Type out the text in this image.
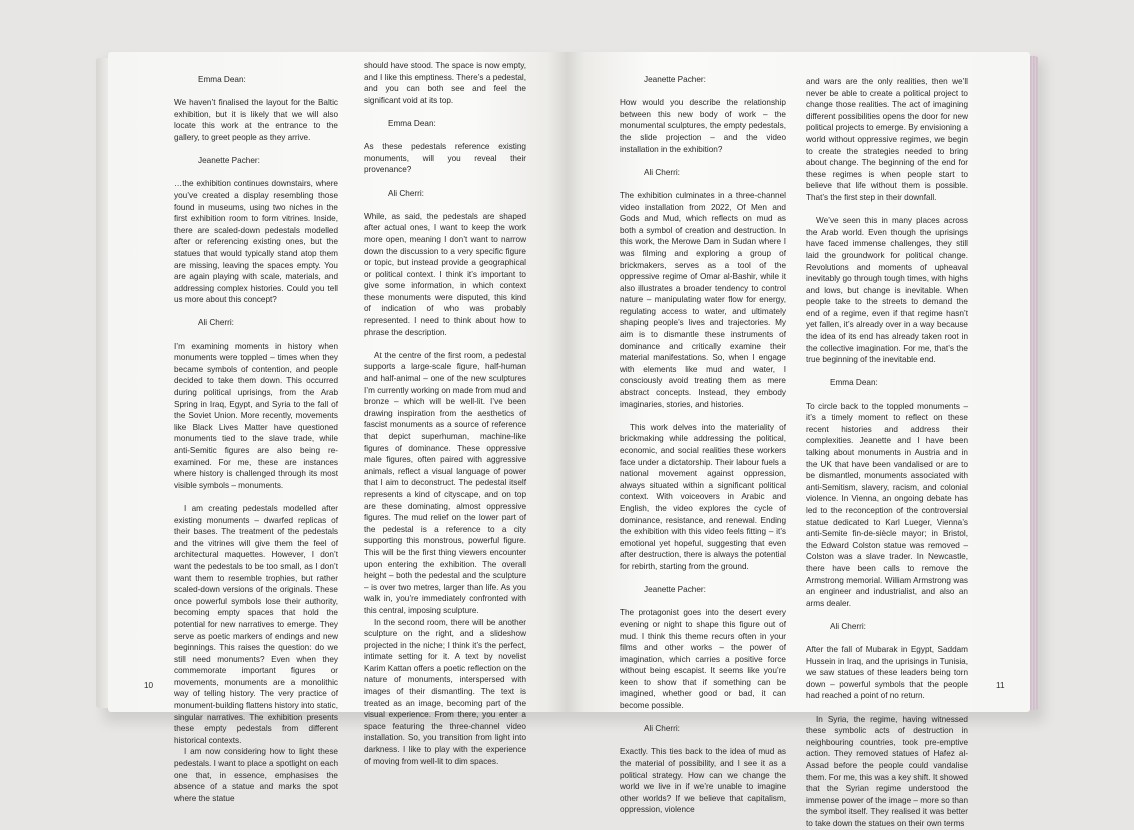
Emma Dean:

We haven’t finalised the layout for the Baltic exhibition, but it is likely that we will also locate this work at the entrance to the gallery, to greet people as they arrive.

Jeanette Pacher:

…the exhibition continues downstairs, where you’ve created a display resembling those found in museums, using two niches in the first exhibition room to form vitrines. Inside, there are scaled-down pedestals modelled after or referencing existing ones, but the statues that would typically stand atop them are missing, leaving the spaces empty. You are again playing with scale, materials, and addressing complex histories. Could you tell us more about this concept?

Ali Cherri:

I’m examining moments in history when monuments were toppled – times when they became symbols of contention, and people decided to take them down. This occurred during political uprisings, from the Arab Spring in Iraq, Egypt, and Syria to the fall of the Soviet Union. More recently, movements like Black Lives Matter have questioned monuments tied to the slave trade, while anti-Semitic figures are also being re-examined. For me, these are instances where history is challenged through its most visible symbols – monuments.

I am creating pedestals modelled after existing monuments – dwarfed replicas of their bases. The treatment of the pedestals and the vitrines will give them the feel of architectural maquettes. However, I don’t want the pedestals to be too small, as I don’t want them to resemble trophies, but rather scaled-down versions of the originals. These once powerful symbols lose their authority, becoming empty spaces that hold the potential for new narratives to emerge. They serve as poetic markers of endings and new beginnings. This raises the question: do we still need monuments? Even when they commemorate important figures or movements, monuments are a monolithic way of telling history. The very practice of monument-building flattens history into static, singular narratives. The exhibition presents these empty pedestals from different historical contexts.

I am now considering how to light these pedestals. I want to place a spotlight on each one that, in essence, emphasises the absence of a statue and marks the spot where the statue

should have stood. The space is now empty, and I like this emptiness. There’s a pedestal, and you can both see and feel the significant void at its top.

Emma Dean:

As these pedestals reference existing monuments, will you reveal their provenance?

Ali Cherri:

While, as said, the pedestals are shaped after actual ones, I want to keep the work more open, meaning I don’t want to narrow down the discussion to a very specific figure or topic, but instead provide a geographical or political context. I think it’s important to give some information, in which context these monuments were disputed, this kind of indication of who was probably represented. I need to think about how to phrase the description.

At the centre of the first room, a pedestal supports a large-scale figure, half-human and half-animal – one of the new sculptures I’m currently working on made from mud and bronze – which will be well-lit. I’ve been drawing inspiration from the aesthetics of fascist monuments as a source of reference that depict superhuman, machine-like figures of dominance. These oppressive male figures, often paired with aggressive animals, reflect a visual language of power that I aim to deconstruct. The pedestal itself represents a kind of cityscape, and on top are these dominating, almost oppressive figures. The mud relief on the lower part of the pedestal is a reference to a city supporting this monstrous, powerful figure. This will be the first thing viewers encounter upon entering the exhibition. The overall height – both the pedestal and the sculpture – is over two metres, larger than life. As you walk in, you’re immediately confronted with this central, imposing sculpture.

In the second room, there will be another sculpture on the right, and a slideshow projected in the niche; I think it’s the perfect, intimate setting for it. A text by novelist Karim Kattan offers a poetic reflection on the nature of monuments, interspersed with images of their dismantling. The text is treated as an image, becoming part of the visual experience. From there, you enter a space featuring the three-channel video installation. So, you transition from light into darkness. I like to play with the experience of moving from well-lit to dim spaces.

10

Jeanette Pacher:

How would you describe the relationship between this new body of work – the monumental sculptures, the empty pedestals, the slide projection – and the video installation in the exhibition?

Ali Cherri:

The exhibition culminates in a three-channel video installation from 2022, Of Men and Gods and Mud, which reflects on mud as both a symbol of creation and destruction. In this work, the Merowe Dam in Sudan where I was filming and exploring a group of brickmakers, serves as a tool of the oppressive regime of Omar al-Bashir, while it also illustrates a broader tendency to control nature – manipulating water flow for energy, regulating access to water, and ultimately shaping people’s lives and trajectories. My aim is to dismantle these instruments of dominance and critically examine their material manifestations. So, when I engage with elements like mud and water, I consciously avoid treating them as mere abstract concepts. Instead, they embody imaginaries, stories, and histories.

This work delves into the materiality of brickmaking while addressing the political, economic, and social realities these workers face under a dictatorship. Their labour fuels a national movement against oppression, always situated within a significant political context. With voiceovers in Arabic and English, the video explores the cycle of dominance, resistance, and renewal. Ending the exhibition with this video feels fitting – it’s emotional yet hopeful, suggesting that even after destruction, there is always the potential for rebirth, starting from the ground.

Jeanette Pacher:

The protagonist goes into the desert every evening or night to shape this figure out of mud. I think this theme recurs often in your films and other works – the power of imagination, which carries a positive force without being escapist. It seems like you’re keen to show that if something can be imagined, whether good or bad, it can become possible.

Ali Cherri:

Exactly. This ties back to the idea of mud as the material of possibility, and I see it as a political strategy. How can we change the world we live in if we’re unable to imagine other worlds? If we believe that capitalism, oppression, violence

and wars are the only realities, then we’ll never be able to create a political project to change those realities. The act of imagining different possibilities opens the door for new political projects to emerge. By envisioning a world without oppressive regimes, we begin to create the strategies needed to bring about change. The beginning of the end for these regimes is when people start to believe that life without them is possible. That’s the first step in their downfall.

We’ve seen this in many places across the Arab world. Even though the uprisings have faced immense challenges, they still laid the groundwork for political change. Revolutions and moments of upheaval inevitably go through tough times, with highs and lows, but change is inevitable. When people take to the streets to demand the end of a regime, even if that regime hasn’t yet fallen, it’s already over in a way because the idea of its end has already taken root in the collective imagination. For me, that’s the true beginning of the inevitable end.

Emma Dean:

To circle back to the toppled monuments – it’s a timely moment to reflect on these recent histories and address their complexities. Jeanette and I have been talking about monuments in Austria and in the UK that have been vandalised or are to be dismantled, monuments associated with anti-Semitism, slavery, racism, and colonial violence. In Vienna, an ongoing debate has led to the reconception of the controversial statue dedicated to Karl Lueger, Vienna’s anti-Semite fin-de-siècle mayor; in Bristol, the Edward Colston statue was removed – Colston was a slave trader. In Newcastle, there have been calls to remove the Armstrong memorial. William Armstrong was an engineer and industrialist, and also an arms dealer.

Ali Cherri:

After the fall of Mubarak in Egypt, Saddam Hussein in Iraq, and the uprisings in Tunisia, we saw statues of these leaders being torn down – powerful symbols that the people had reached a point of no return.

In Syria, the regime, having witnessed these symbolic acts of destruction in neighbouring countries, took pre-emptive action. They removed statues of Hafez al-Assad before the people could vandalise them. For me, this was a key shift. It showed that the Syrian regime understood the immense power of the image – more so than the symbol itself. They realised it was better to take down the statues on their own terms

11
